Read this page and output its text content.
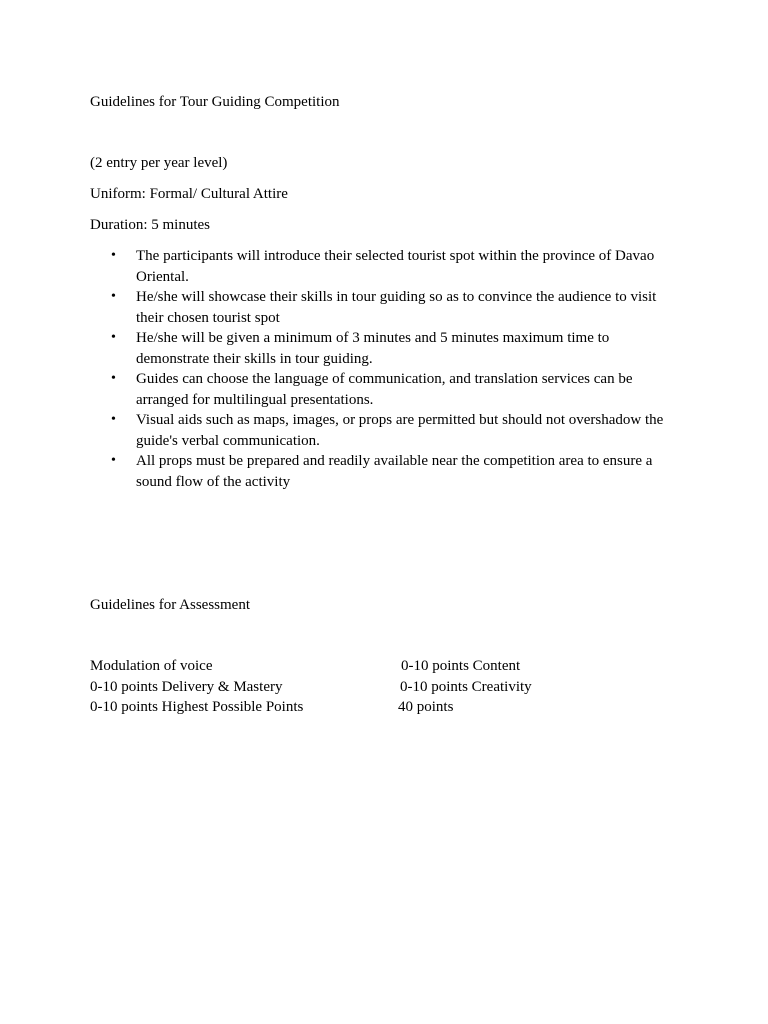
Guidelines for Tour Guiding Competition

(2 entry per year level)

Uniform: Formal/ Cultural Attire

Duration: 5 minutes

• The participants will introduce their selected tourist spot within the province of Davao Oriental.
• He/she will showcase their skills in tour guiding so as to convince the audience to visit their chosen tourist spot
• He/she will be given a minimum of 3 minutes and 5 minutes maximum time to demonstrate their skills in tour guiding.
• Guides can choose the language of communication, and translation services can be arranged for multilingual presentations.
• Visual aids such as maps, images, or props are permitted but should not overshadow the guide's verbal communication.
• All props must be prepared and readily available near the competition area to ensure a sound flow of the activity

Guidelines for Assessment

Modulation of voice	0-10 points Content
0-10 points Delivery & Mastery	0-10 points Creativity
0-10 points Highest Possible Points	40 points
